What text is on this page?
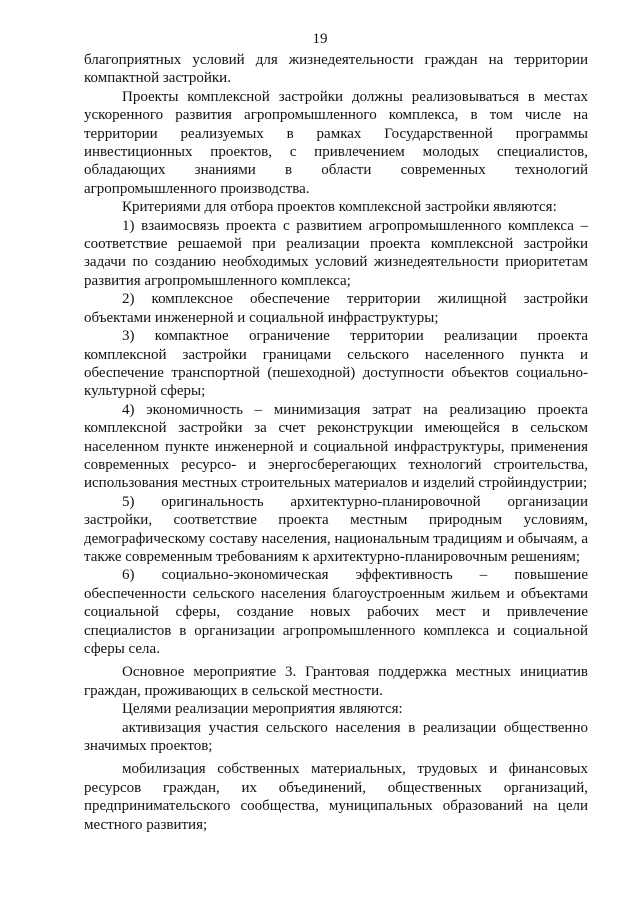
19

благоприятных условий для жизнедеятельности граждан на территории компактной застройки.

Проекты комплексной застройки должны реализовываться в местах ускоренного развития агропромышленного комплекса, в том числе на территории реализуемых в рамках Государственной программы инвестиционных проектов, с привлечением молодых специалистов, обладающих знаниями в области современных технологий агропромышленного производства.

Критериями для отбора проектов комплексной застройки являются:

1) взаимосвязь проекта с развитием агропромышленного комплекса – соответствие решаемой при реализации проекта комплексной застройки задачи по созданию необходимых условий жизнедеятельности приоритетам развития агропромышленного комплекса;

2) комплексное обеспечение территории жилищной застройки объектами инженерной и социальной инфраструктуры;

3) компактное ограничение территории реализации проекта комплексной застройки границами сельского населенного пункта и обеспечение транспортной (пешеходной) доступности объектов социально-культурной сферы;

4) экономичность – минимизация затрат на реализацию проекта комплексной застройки за счет реконструкции имеющейся в сельском населенном пункте инженерной и социальной инфраструктуры, применения современных ресурсо- и энергосберегающих технологий строительства, использования местных строительных материалов и изделий стройиндустрии;

5) оригинальность архитектурно-планировочной организации застройки, соответствие проекта местным природным условиям, демографическому составу населения, национальным традициям и обычаям, а также современным требованиям к архитектурно-планировочным решениям;

6) социально-экономическая эффективность – повышение обеспеченности сельского населения благоустроенным жильем и объектами социальной сферы, создание новых рабочих мест и привлечение специалистов в организации агропромышленного комплекса и социальной сферы села.

Основное мероприятие 3. Грантовая поддержка местных инициатив граждан, проживающих в сельской местности.

Целями реализации мероприятия являются:

активизация участия сельского населения в реализации общественно значимых проектов;

мобилизация собственных материальных, трудовых и финансовых ресурсов граждан, их объединений, общественных организаций, предпринимательского сообщества, муниципальных образований на цели местного развития;
